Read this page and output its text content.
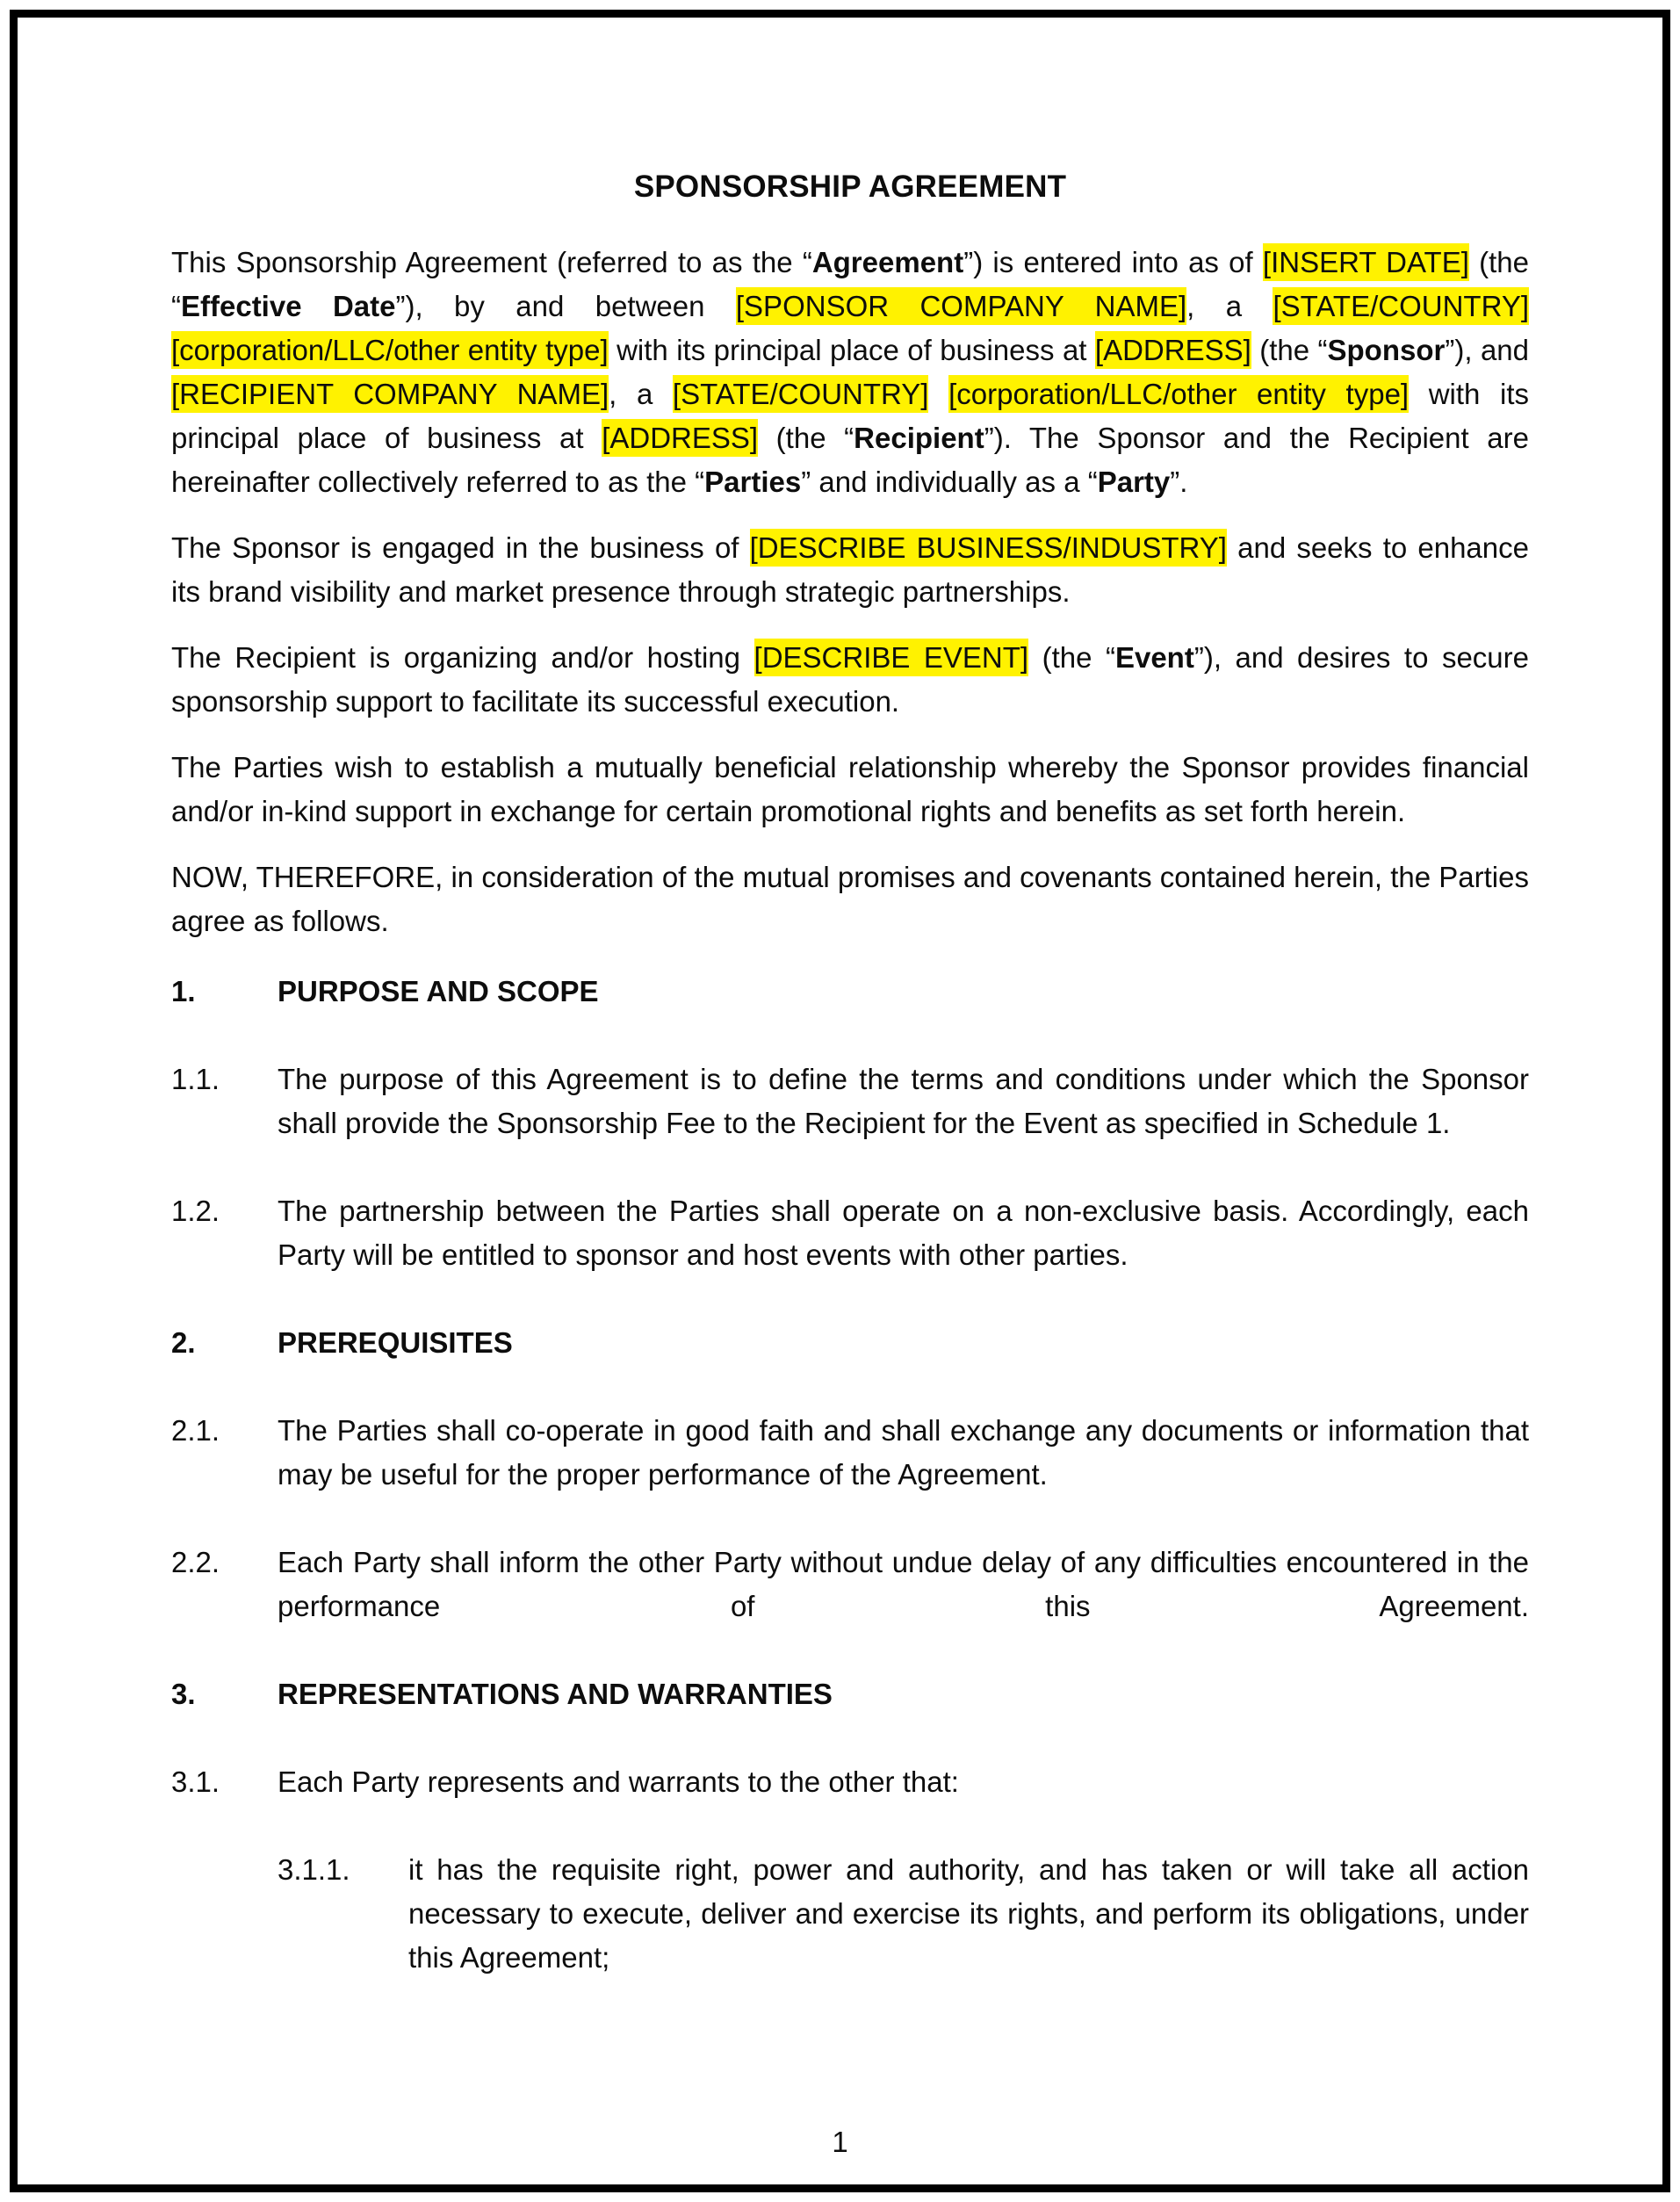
SPONSORSHIP AGREEMENT

This Sponsorship Agreement (referred to as the “Agreement”) is entered into as of [INSERT DATE] (the “Effective Date”), by and between [SPONSOR COMPANY NAME], a [STATE/COUNTRY] [corporation/LLC/other entity type] with its principal place of business at [ADDRESS] (the “Sponsor”), and [RECIPIENT COMPANY NAME], a [STATE/COUNTRY] [corporation/LLC/other entity type] with its principal place of business at [ADDRESS] (the “Recipient”). The Sponsor and the Recipient are hereinafter collectively referred to as the “Parties” and individually as a “Party”.

The Sponsor is engaged in the business of [DESCRIBE BUSINESS/INDUSTRY] and seeks to enhance its brand visibility and market presence through strategic partnerships.

The Recipient is organizing and/or hosting [DESCRIBE EVENT] (the “Event”), and desires to secure sponsorship support to facilitate its successful execution.

The Parties wish to establish a mutually beneficial relationship whereby the Sponsor provides financial and/or in-kind support in exchange for certain promotional rights and benefits as set forth herein.

NOW, THEREFORE, in consideration of the mutual promises and covenants contained herein, the Parties agree as follows.

1.	PURPOSE AND SCOPE
1.1.	The purpose of this Agreement is to define the terms and conditions under which the Sponsor shall provide the Sponsorship Fee to the Recipient for the Event as specified in Schedule 1.
1.2.	The partnership between the Parties shall operate on a non-exclusive basis. Accordingly, each Party will be entitled to sponsor and host events with other parties.
2.	PREREQUISITES
2.1.	The Parties shall co-operate in good faith and shall exchange any documents or information that may be useful for the proper performance of the Agreement.
2.2.	Each Party shall inform the other Party without undue delay of any difficulties encountered in the performance of this Agreement.
3.	REPRESENTATIONS AND WARRANTIES
3.1.	Each Party represents and warrants to the other that:
3.1.1.	it has the requisite right, power and authority, and has taken or will take all action necessary to execute, deliver and exercise its rights, and perform its obligations, under this Agreement;
1
